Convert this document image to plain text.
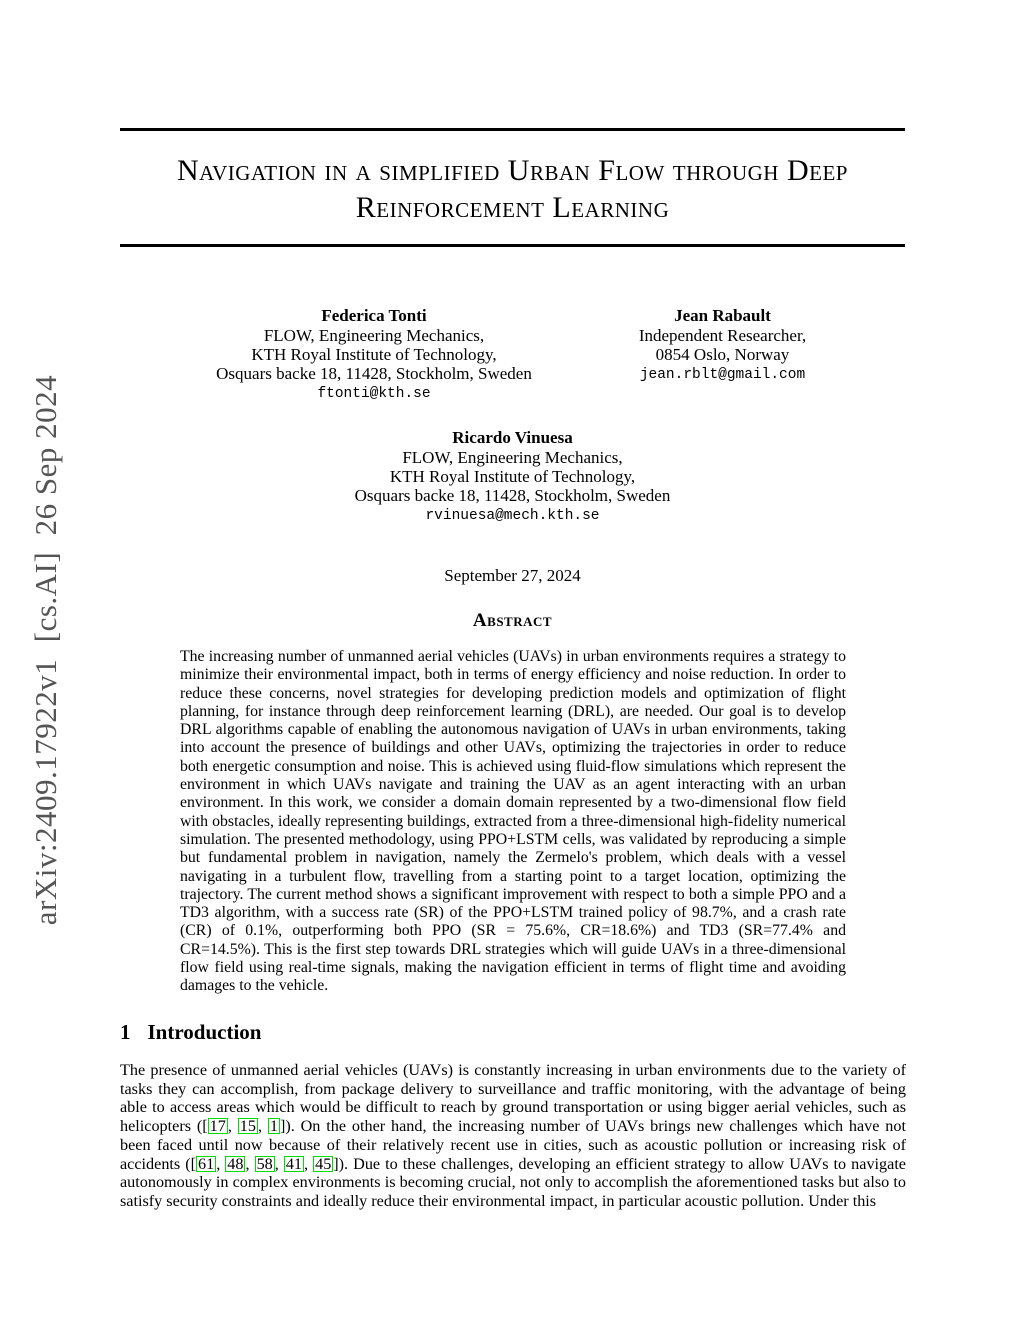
arXiv:2409.17922v1  [cs.AI]  26 Sep 2024
Navigation in a simplified Urban Flow through Deep
Reinforcement Learning
Federica Tonti
FLOW, Engineering Mechanics,
KTH Royal Institute of Technology,
Osquars backe 18, 11428, Stockholm, Sweden
ftonti@kth.se
Jean Rabault
Independent Researcher,
0854 Oslo, Norway
jean.rblt@gmail.com
Ricardo Vinuesa
FLOW, Engineering Mechanics,
KTH Royal Institute of Technology,
Osquars backe 18, 11428, Stockholm, Sweden
rvinuesa@mech.kth.se
September 27, 2024
Abstract
The increasing number of unmanned aerial vehicles (UAVs) in urban environments requires a strategy to minimize their environmental impact, both in terms of energy efficiency and noise reduction. In order to reduce these concerns, novel strategies for developing prediction models and optimization of flight planning, for instance through deep reinforcement learning (DRL), are needed. Our goal is to develop DRL algorithms capable of enabling the autonomous navigation of UAVs in urban environments, taking into account the presence of buildings and other UAVs, optimizing the trajectories in order to reduce both energetic consumption and noise. This is achieved using fluid-flow simulations which represent the environment in which UAVs navigate and training the UAV as an agent interacting with an urban environment. In this work, we consider a domain domain represented by a two-dimensional flow field with obstacles, ideally representing buildings, extracted from a three-dimensional high-fidelity numerical simulation. The presented methodology, using PPO+LSTM cells, was validated by reproducing a simple but fundamental problem in navigation, namely the Zermelo's problem, which deals with a vessel navigating in a turbulent flow, travelling from a starting point to a target location, optimizing the trajectory. The current method shows a significant improvement with respect to both a simple PPO and a TD3 algorithm, with a success rate (SR) of the PPO+LSTM trained policy of 98.7%, and a crash rate (CR) of 0.1%, outperforming both PPO (SR = 75.6%, CR=18.6%) and TD3 (SR=77.4% and CR=14.5%). This is the first step towards DRL strategies which will guide UAVs in a three-dimensional flow field using real-time signals, making the navigation efficient in terms of flight time and avoiding damages to the vehicle.
1 Introduction
The presence of unmanned aerial vehicles (UAVs) is constantly increasing in urban environments due to the variety of tasks they can accomplish, from package delivery to surveillance and traffic monitoring, with the advantage of being able to access areas which would be difficult to reach by ground transportation or using bigger aerial vehicles, such as helicopters ([ 17 , 15 , 1 ]). On the other hand, the increasing number of UAVs brings new challenges which have not been faced until now because of their relatively recent use in cities, such as acoustic pollution or increasing risk of accidents ([ 61 , 48 , 58 , 41 , 45 ]). Due to these challenges, developing an efficient strategy to allow UAVs to navigate autonomously in complex environments is becoming crucial, not only to accomplish the aforementioned tasks but also to satisfy security constraints and ideally reduce their environmental impact, in particular acoustic pollution. Under this
